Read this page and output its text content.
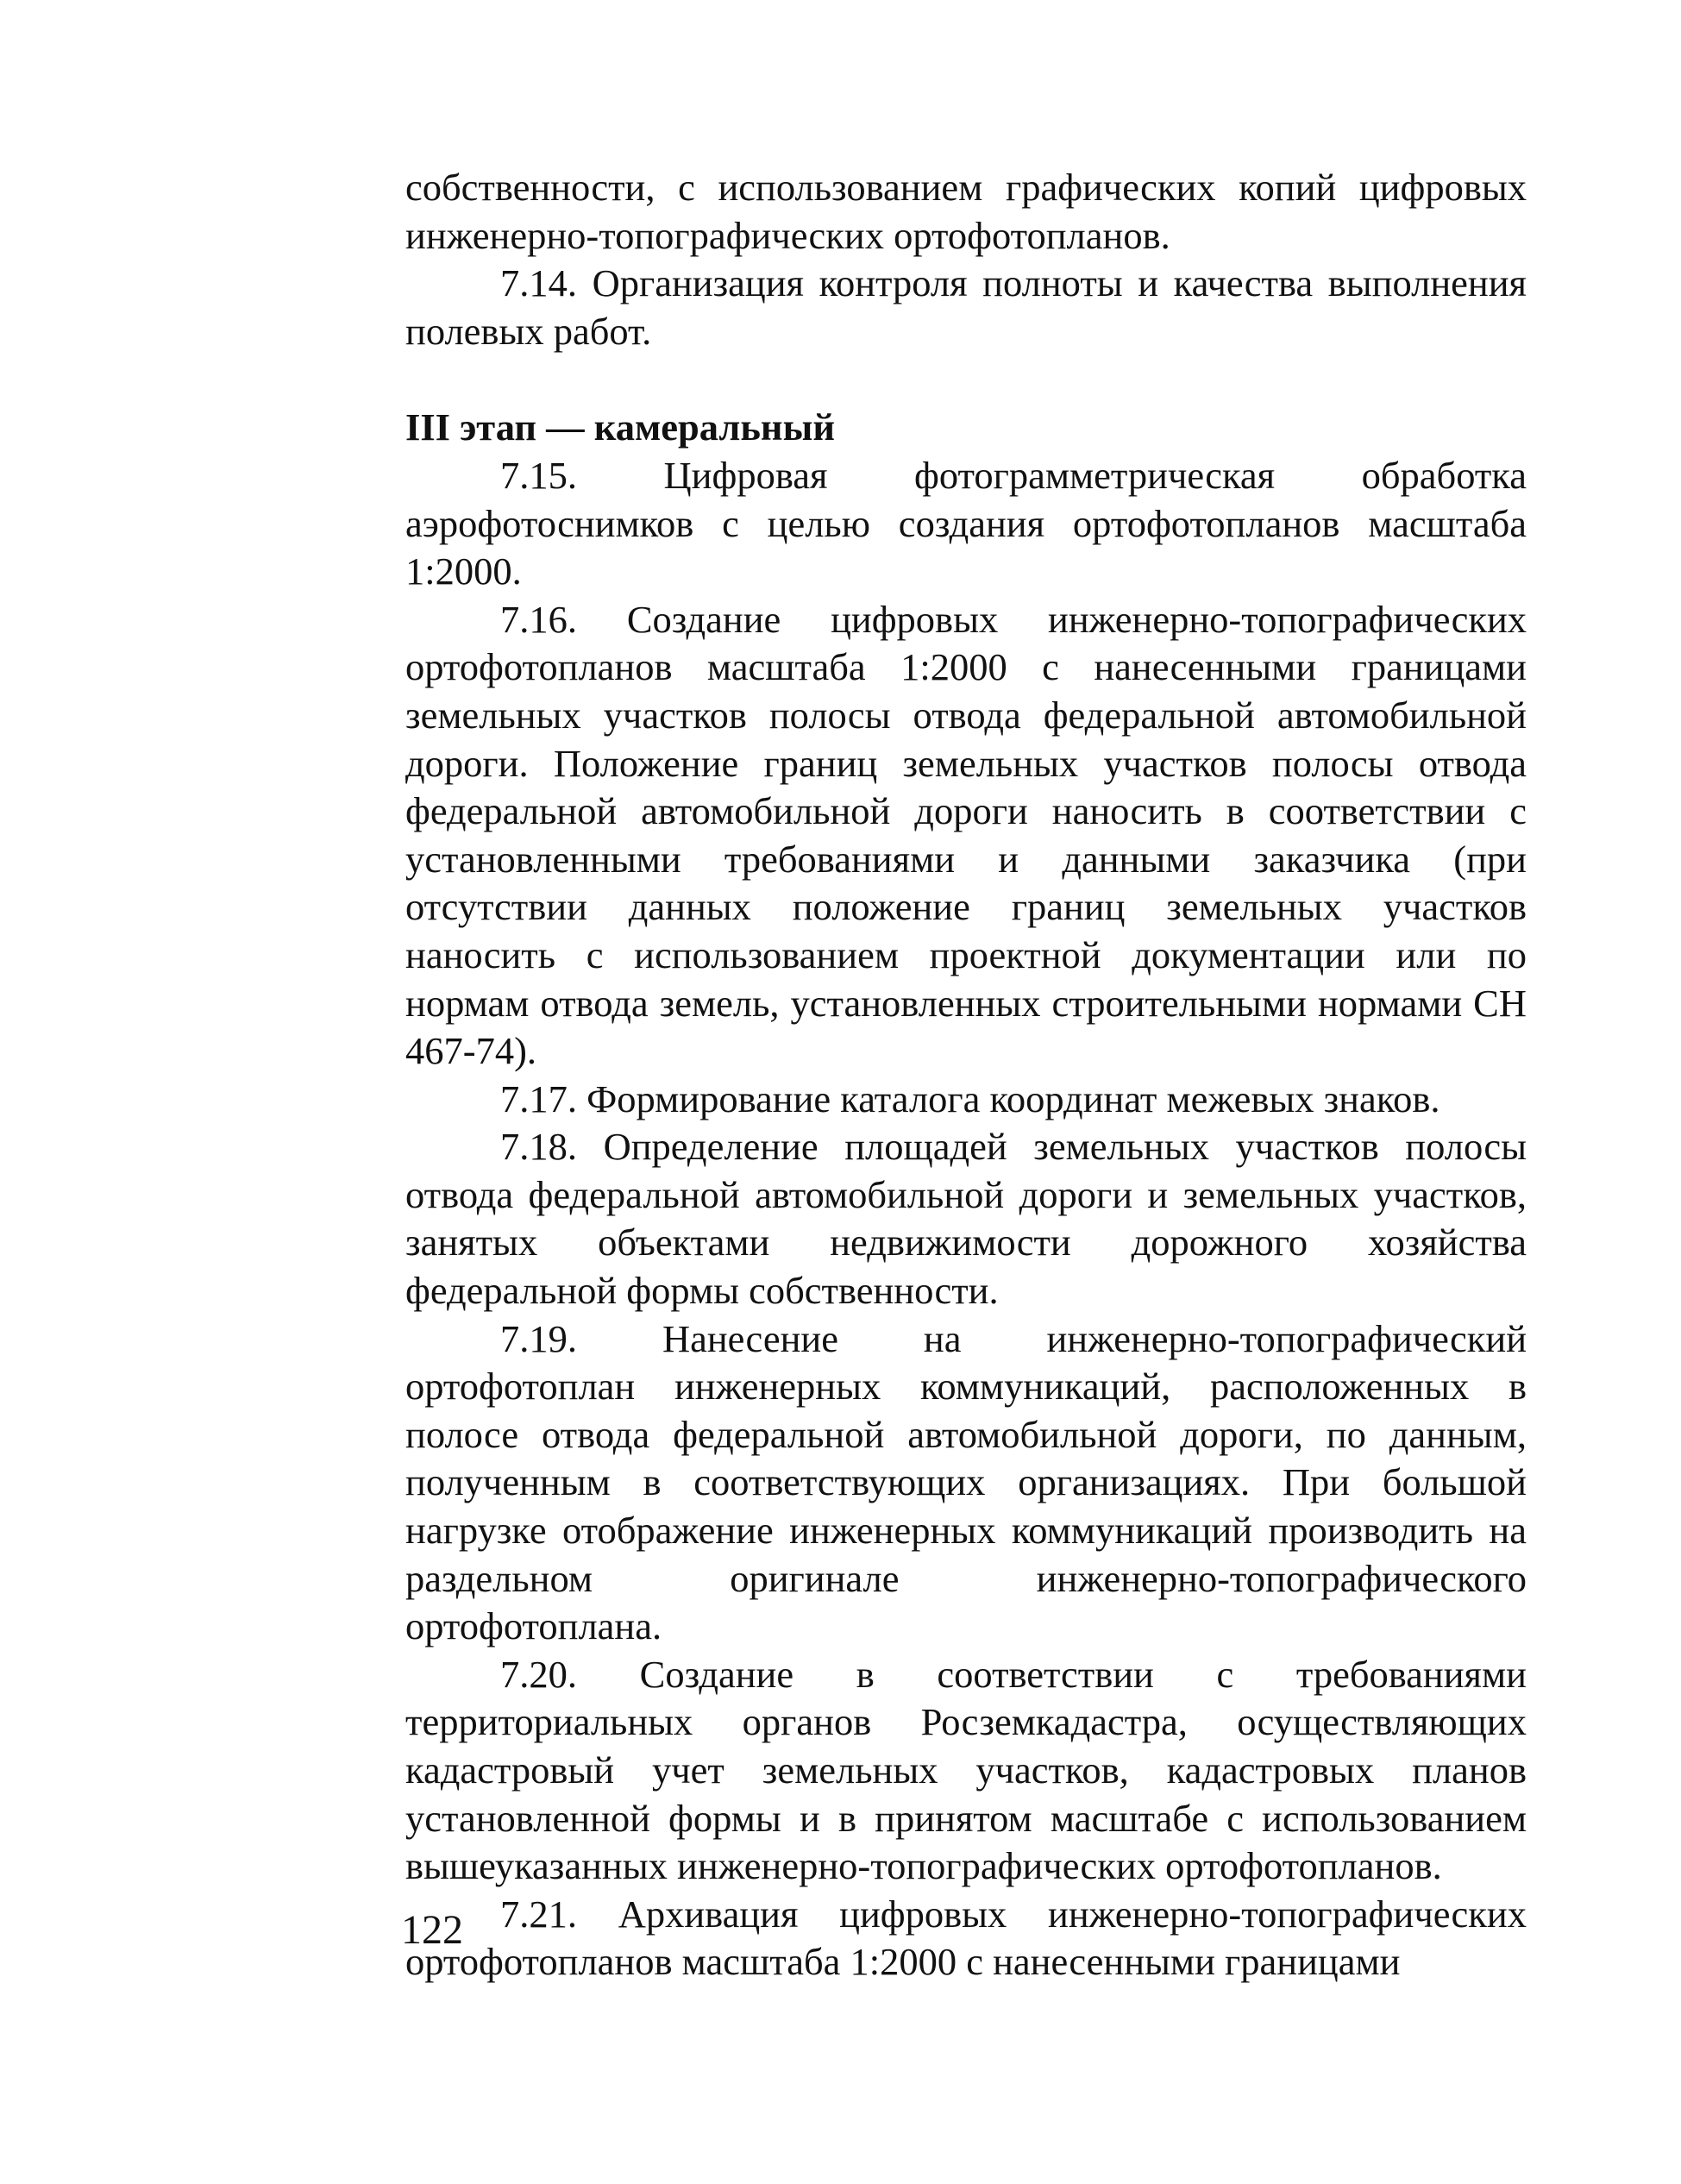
собственности, с использованием графических копий цифровых инженерно-топографических ортофотопланов.

7.14. Организация контроля полноты и качества выполнения полевых работ.

III этап — камеральный

7.15. Цифровая фотограмметрическая обработка аэрофотоснимков с целью создания ортофотопланов масштаба 1:2000.

7.16. Создание цифровых инженерно-топографических ортофотопланов масштаба 1:2000 с нанесенными границами земельных участков полосы отвода федеральной автомобильной дороги. Положение границ земельных участков полосы отвода федеральной автомобильной дороги наносить в соответствии с установленными требованиями и данными заказчика (при отсутствии данных положение границ земельных участков наносить с использованием проектной документации или по нормам отвода земель, установленных строительными нормами СН 467-74).

7.17. Формирование каталога координат межевых знаков.

7.18. Определение площадей земельных участков полосы отвода федеральной автомобильной дороги и земельных участков, занятых объектами недвижимости дорожного хозяйства федеральной формы собственности.

7.19. Нанесение на инженерно-топографический ортофотоплан инженерных коммуникаций, расположенных в полосе отвода федеральной автомобильной дороги, по данным, полученным в соответствующих организациях. При большой нагрузке отображение инженерных коммуникаций производить на раздельном оригинале инженерно-топографического ортофотоплана.

7.20. Создание в соответствии с требованиями территориальных органов Росземкадастра, осуществляющих кадастровый учет земельных участков, кадастровых планов установленной формы и в принятом масштабе с использованием вышеуказанных инженерно-топографических ортофотопланов.

7.21. Архивация цифровых инженерно-топографических ортофотопланов масштаба 1:2000 с нанесенными границами

122
